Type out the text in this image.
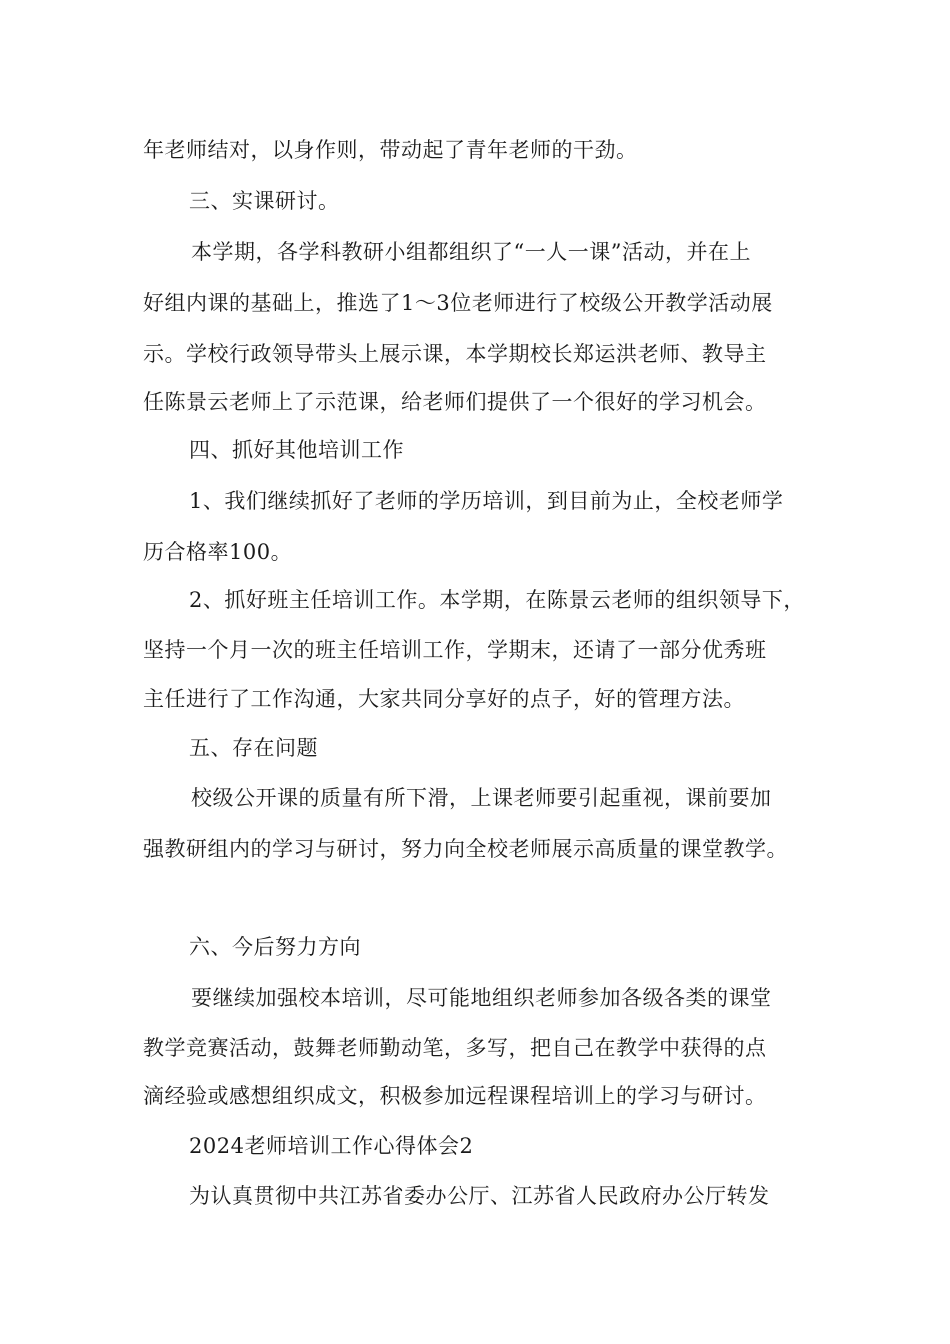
年老师结对，以身作则，带动起了青年老师的干劲。
三、实课研讨。
本学期，各学科教研小组都组织了“一人一课”活动，并在上
好组内课的基础上，推选了1～3位老师进行了校级公开教学活动展
示。学校行政领导带头上展示课，本学期校长郑运洪老师、教导主
任陈景云老师上了示范课，给老师们提供了一个很好的学习机会。
四、抓好其他培训工作
1、我们继续抓好了老师的学历培训，到目前为止，全校老师学
历合格率100。
2、抓好班主任培训工作。本学期，在陈景云老师的组织领导下，
坚持一个月一次的班主任培训工作，学期末，还请了一部分优秀班
主任进行了工作沟通，大家共同分享好的点子，好的管理方法。
五、存在问题
校级公开课的质量有所下滑，上课老师要引起重视，课前要加
强教研组内的学习与研讨，努力向全校老师展示高质量的课堂教学。
六、今后努力方向
要继续加强校本培训，尽可能地组织老师参加各级各类的课堂
教学竞赛活动，鼓舞老师勤动笔，多写，把自己在教学中获得的点
滴经验或感想组织成文，积极参加远程课程培训上的学习与研讨。
2024老师培训工作心得体会2
为认真贯彻中共江苏省委办公厅、江苏省人民政府办公厅转发
